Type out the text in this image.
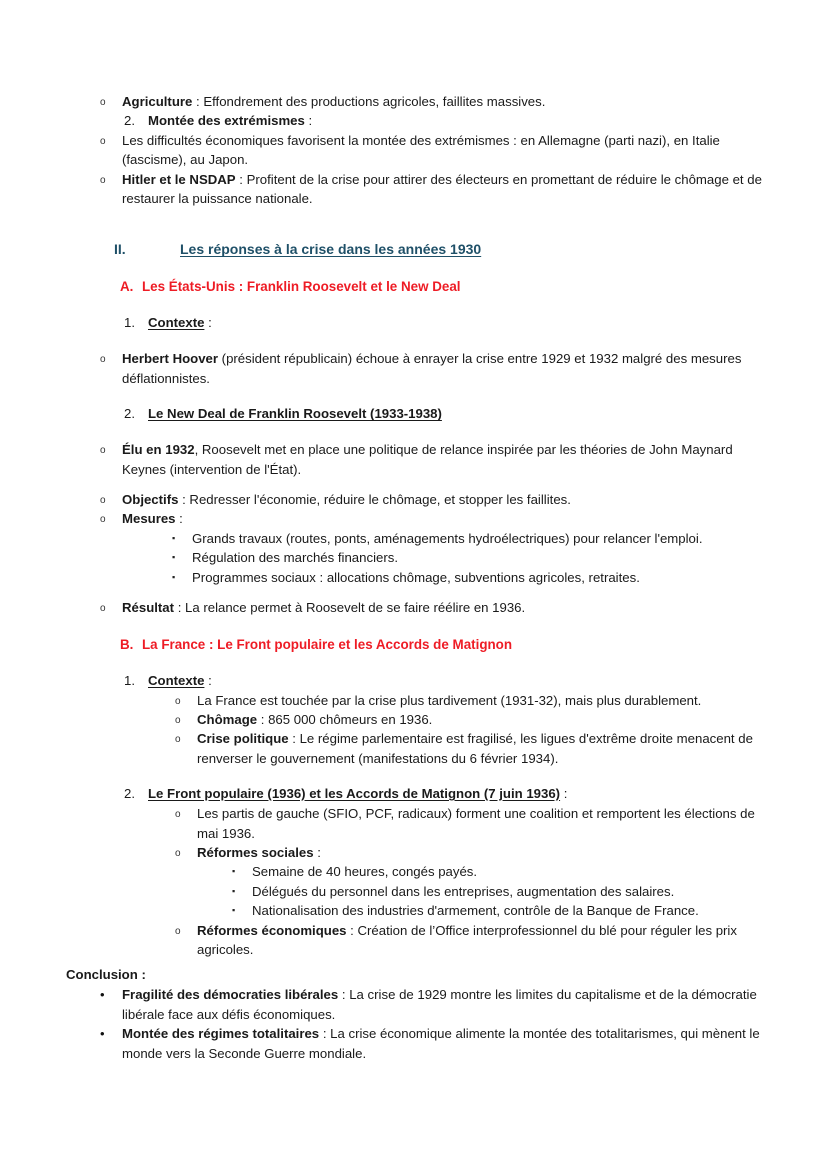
o Agriculture : Effondrement des productions agricoles, faillites massives.
2. Montée des extrémismes :
o Les difficultés économiques favorisent la montée des extrémismes : en Allemagne (parti nazi), en Italie (fascisme), au Japon.
o Hitler et le NSDAP : Profitent de la crise pour attirer des électeurs en promettant de réduire le chômage et de restaurer la puissance nationale.
II.	Les réponses à la crise dans les années 1930
A. Les États-Unis : Franklin Roosevelt et le New Deal
1. Contexte :
o Herbert Hoover (président républicain) échoue à enrayer la crise entre 1929 et 1932 malgré des mesures déflationnistes.
2. Le New Deal de Franklin Roosevelt (1933-1938)
o Élu en 1932, Roosevelt met en place une politique de relance inspirée par les théories de John Maynard Keynes (intervention de l'État).
o Objectifs : Redresser l'économie, réduire le chômage, et stopper les faillites.
o Mesures :
▪ Grands travaux (routes, ponts, aménagements hydroélectriques) pour relancer l'emploi.
▪ Régulation des marchés financiers.
▪ Programmes sociaux : allocations chômage, subventions agricoles, retraites.
o Résultat : La relance permet à Roosevelt de se faire réélire en 1936.
B. La France : Le Front populaire et les Accords de Matignon
1. Contexte :
o La France est touchée par la crise plus tardivement (1931-32), mais plus durablement.
o Chômage : 865 000 chômeurs en 1936.
o Crise politique : Le régime parlementaire est fragilisé, les ligues d'extrême droite menacent de renverser le gouvernement (manifestations du 6 février 1934).
2. Le Front populaire (1936) et les Accords de Matignon (7 juin 1936) :
o Les partis de gauche (SFIO, PCF, radicaux) forment une coalition et remportent les élections de mai 1936.
o Réformes sociales :
▪ Semaine de 40 heures, congés payés.
▪ Délégués du personnel dans les entreprises, augmentation des salaires.
▪ Nationalisation des industries d'armement, contrôle de la Banque de France.
o Réformes économiques : Création de l’Office interprofessionnel du blé pour réguler les prix agricoles.

Conclusion :

• Fragilité des démocraties libérales : La crise de 1929 montre les limites du capitalisme et de la démocratie libérale face aux défis économiques.
• Montée des régimes totalitaires : La crise économique alimente la montée des totalitarismes, qui mènent le monde vers la Seconde Guerre mondiale.
